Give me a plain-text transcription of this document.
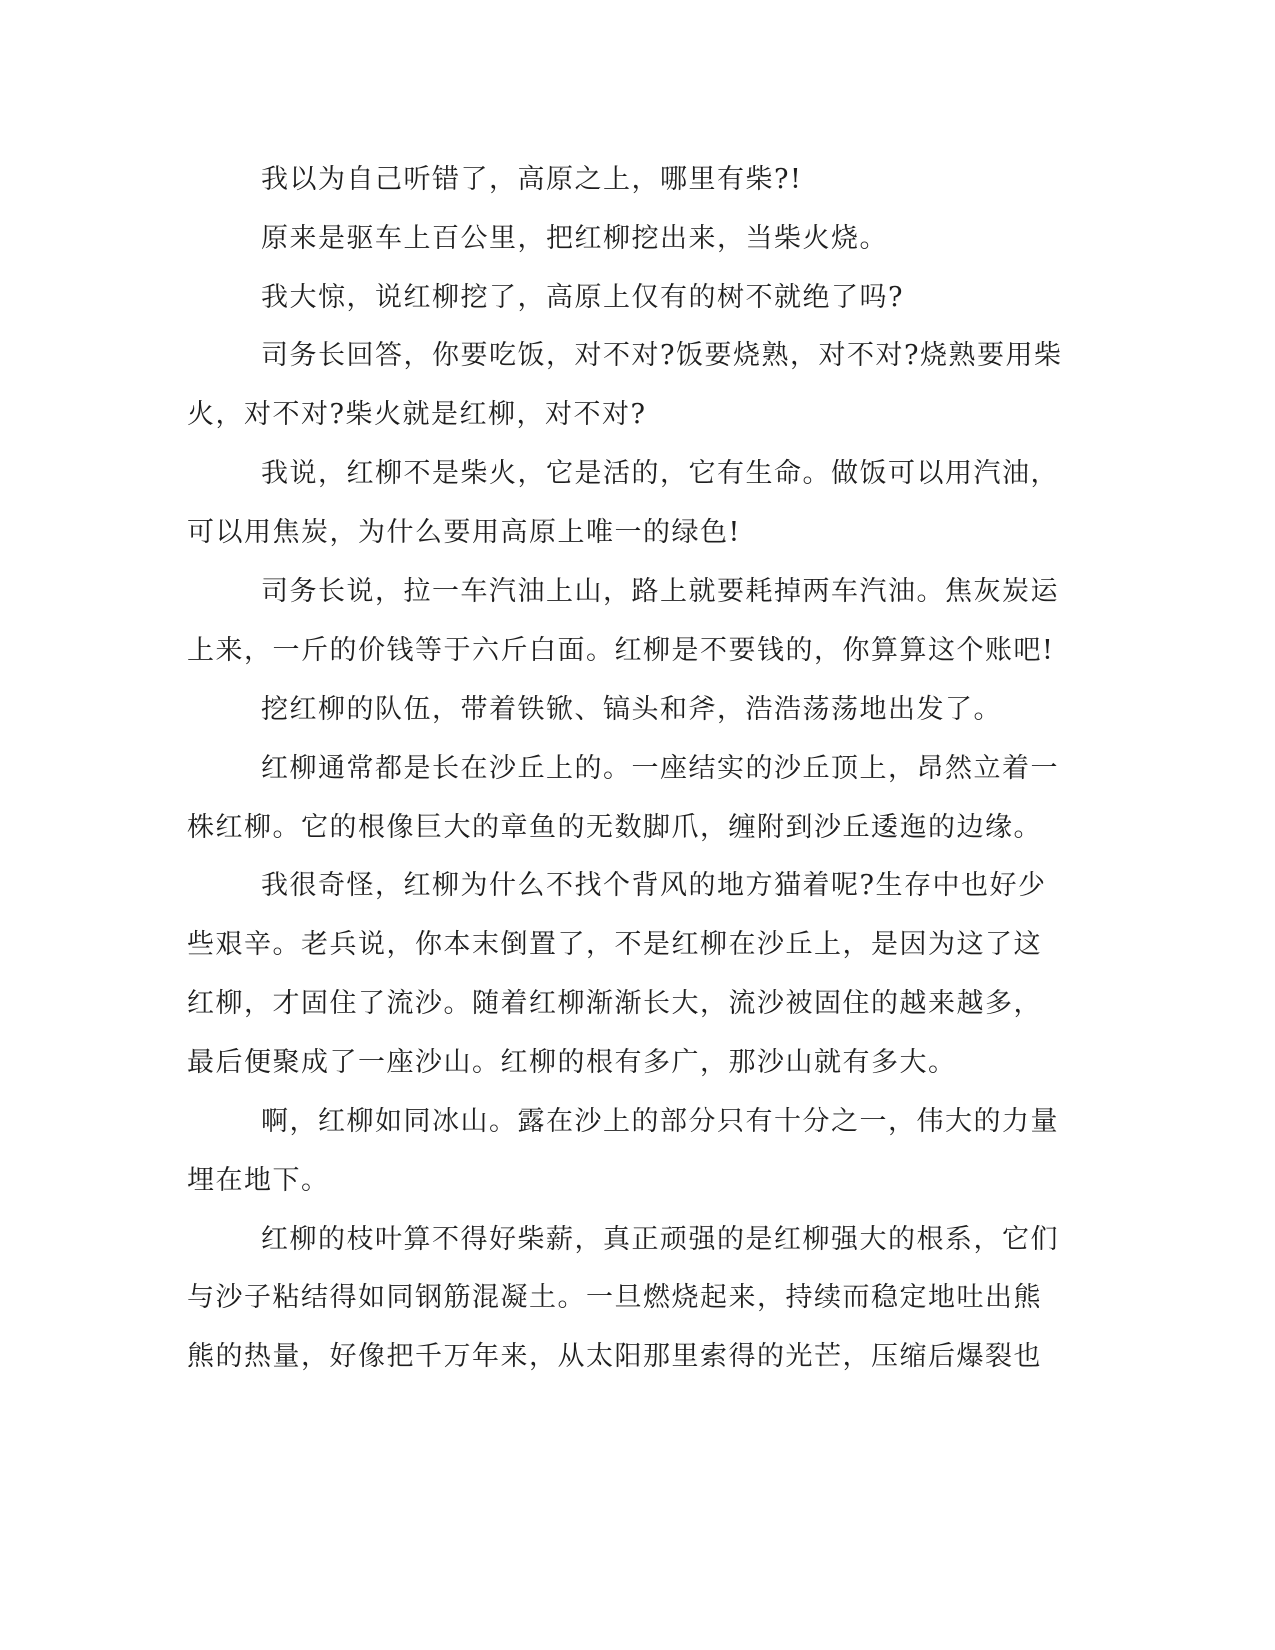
我以为自己听错了，高原之上，哪里有柴?!
原来是驱车上百公里，把红柳挖出来，当柴火烧。
我大惊，说红柳挖了，高原上仅有的树不就绝了吗?
司务长回答，你要吃饭，对不对?饭要烧熟，对不对?烧熟要用柴
火，对不对?柴火就是红柳，对不对?
我说，红柳不是柴火，它是活的，它有生命。做饭可以用汽油，
可以用焦炭，为什么要用高原上唯一的绿色!
司务长说，拉一车汽油上山，路上就要耗掉两车汽油。焦灰炭运
上来，一斤的价钱等于六斤白面。红柳是不要钱的，你算算这个账吧!
挖红柳的队伍，带着铁锨、镐头和斧，浩浩荡荡地出发了。
红柳通常都是长在沙丘上的。一座结实的沙丘顶上，昂然立着一
株红柳。它的根像巨大的章鱼的无数脚爪，缠附到沙丘逶迤的边缘。
我很奇怪，红柳为什么不找个背风的地方猫着呢?生存中也好少
些艰辛。老兵说，你本末倒置了，不是红柳在沙丘上，是因为这了这
红柳，才固住了流沙。随着红柳渐渐长大，流沙被固住的越来越多，
最后便聚成了一座沙山。红柳的根有多广，那沙山就有多大。
啊，红柳如同冰山。露在沙上的部分只有十分之一，伟大的力量
埋在地下。
红柳的枝叶算不得好柴薪，真正顽强的是红柳强大的根系，它们
与沙子粘结得如同钢筋混凝土。一旦燃烧起来，持续而稳定地吐出熊
熊的热量，好像把千万年来，从太阳那里索得的光芒，压缩后爆裂也
